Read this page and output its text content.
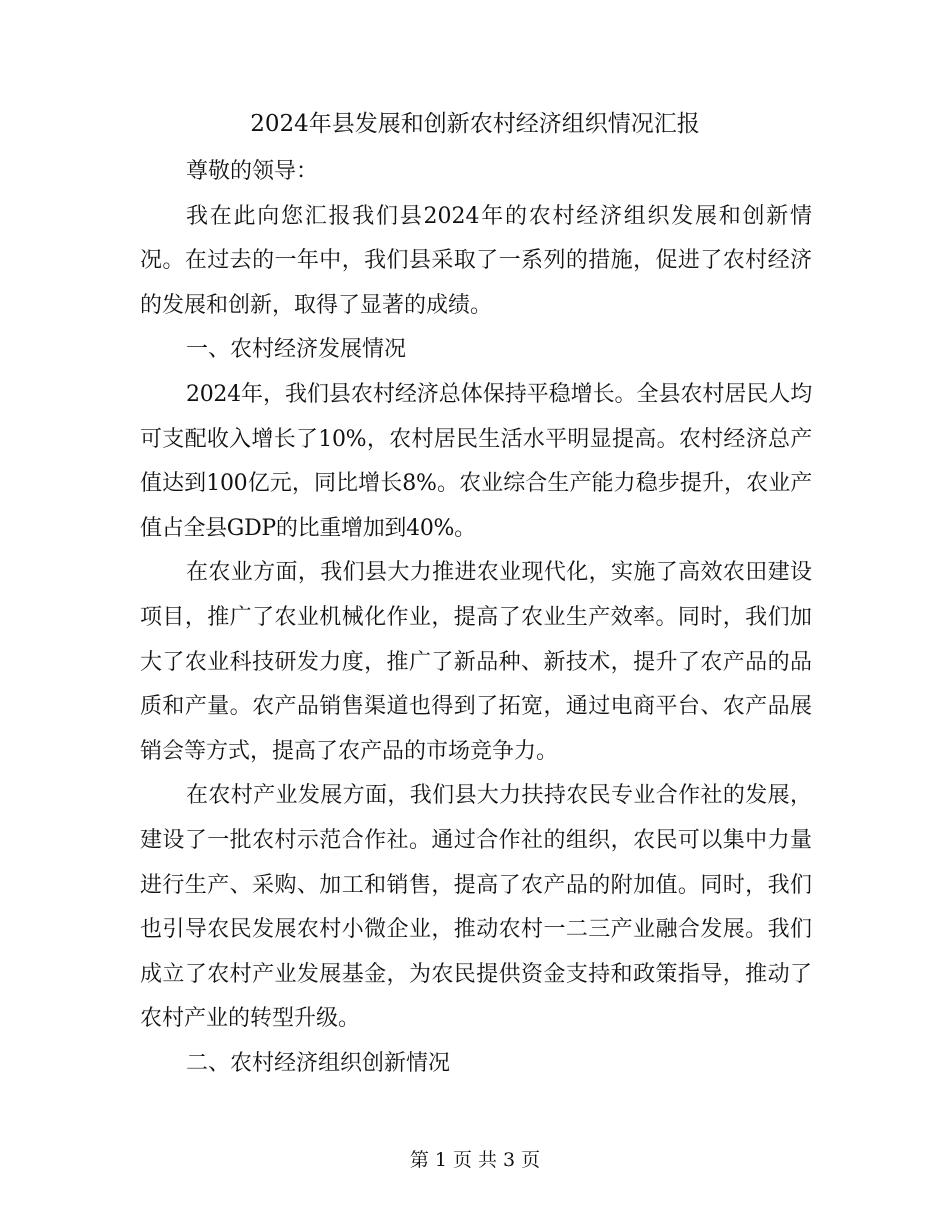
2024年县发展和创新农村经济组织情况汇报

尊敬的领导：

我在此向您汇报我们县2024年的农村经济组织发展和创新情况。在过去的一年中，我们县采取了一系列的措施，促进了农村经济的发展和创新，取得了显著的成绩。

一、农村经济发展情况

2024年，我们县农村经济总体保持平稳增长。全县农村居民人均可支配收入增长了10%，农村居民生活水平明显提高。农村经济总产值达到100亿元，同比增长8%。农业综合生产能力稳步提升，农业产值占全县GDP的比重增加到40%。

在农业方面，我们县大力推进农业现代化，实施了高效农田建设项目，推广了农业机械化作业，提高了农业生产效率。同时，我们加大了农业科技研发力度，推广了新品种、新技术，提升了农产品的品质和产量。农产品销售渠道也得到了拓宽，通过电商平台、农产品展销会等方式，提高了农产品的市场竞争力。

在农村产业发展方面，我们县大力扶持农民专业合作社的发展，建设了一批农村示范合作社。通过合作社的组织，农民可以集中力量进行生产、采购、加工和销售，提高了农产品的附加值。同时，我们也引导农民发展农村小微企业，推动农村一二三产业融合发展。我们成立了农村产业发展基金，为农民提供资金支持和政策指导，推动了农村产业的转型升级。

二、农村经济组织创新情况

第 1 页 共 3 页
